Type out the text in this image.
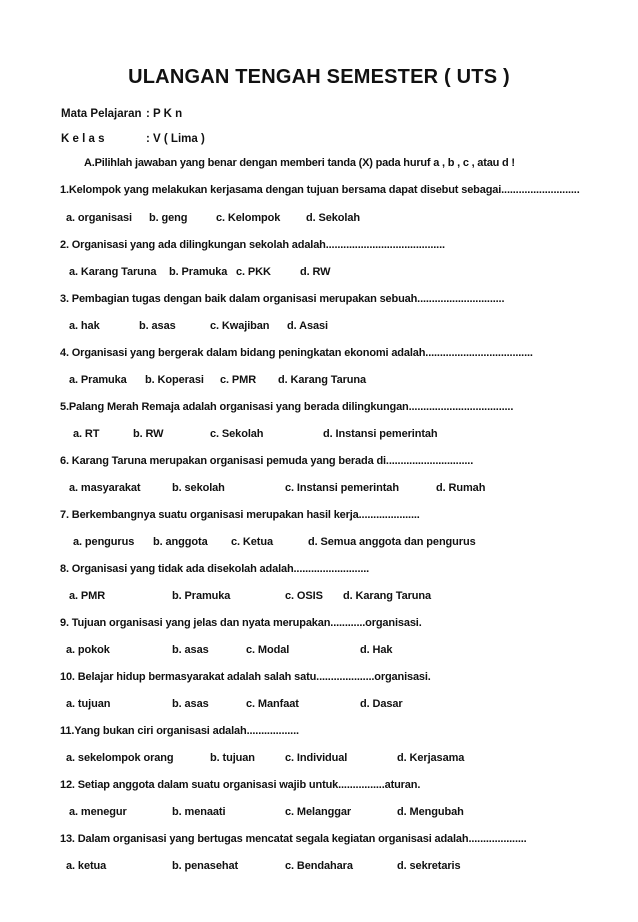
ULANGAN TENGAH SEMESTER ( UTS )
Mata Pelajaran : P K n
K e l a s	: V ( Lima )
A.Pilihlah jawaban yang benar dengan memberi tanda (X) pada huruf a , b , c , atau d !
1.Kelompok yang melakukan kerjasama dengan tujuan bersama dapat disebut sebagai...........................
a. organisasi b. geng	c. Kelompok d. Sekolah
2. Organisasi yang ada dilingkungan sekolah adalah.........................................
a. Karang Taruna b. Pramuka c. PKK	d. RW
3. Pembagian tugas dengan baik dalam organisasi merupakan sebuah..............................
a. hak	b. asas	c. Kwajiban d. Asasi
4. Organisasi yang bergerak dalam bidang peningkatan ekonomi adalah.....................................
a. Pramuka b. Koperasi c. PMR d. Karang Taruna
5.Palang Merah Remaja adalah organisasi yang berada dilingkungan....................................
a. RT	b. RW	c. Sekolah	d. Instansi pemerintah
6. Karang Taruna merupakan organisasi pemuda yang berada di..............................
a. masyarakat	b. sekolah	c. Instansi pemerintah	d. Rumah
7. Berkembangnya suatu organisasi merupakan hasil kerja.....................
a. pengurus b. anggota c. Ketua	d. Semua anggota dan pengurus
8. Organisasi yang tidak ada disekolah adalah..........................
a. PMR	b. Pramuka	c. OSIS d. Karang Taruna
9. Tujuan organisasi yang jelas dan nyata merupakan............organisasi.
a. pokok	b. asas	c. Modal	d. Hak
10. Belajar hidup bermasyarakat adalah salah satu....................organisasi.
a. tujuan	b. asas	c. Manfaat	d. Dasar
11.Yang bukan ciri organisasi adalah..................
a. sekelompok orang	b. tujuan	c. Individual	d. Kerjasama
12. Setiap anggota dalam suatu organisasi wajib untuk................aturan.
a. menegur	b. menaati	c. Melanggar	d. Mengubah
13. Dalam organisasi yang bertugas mencatat segala kegiatan organisasi adalah....................
a. ketua	b. penasehat	c. Bendahara	d. sekretaris
